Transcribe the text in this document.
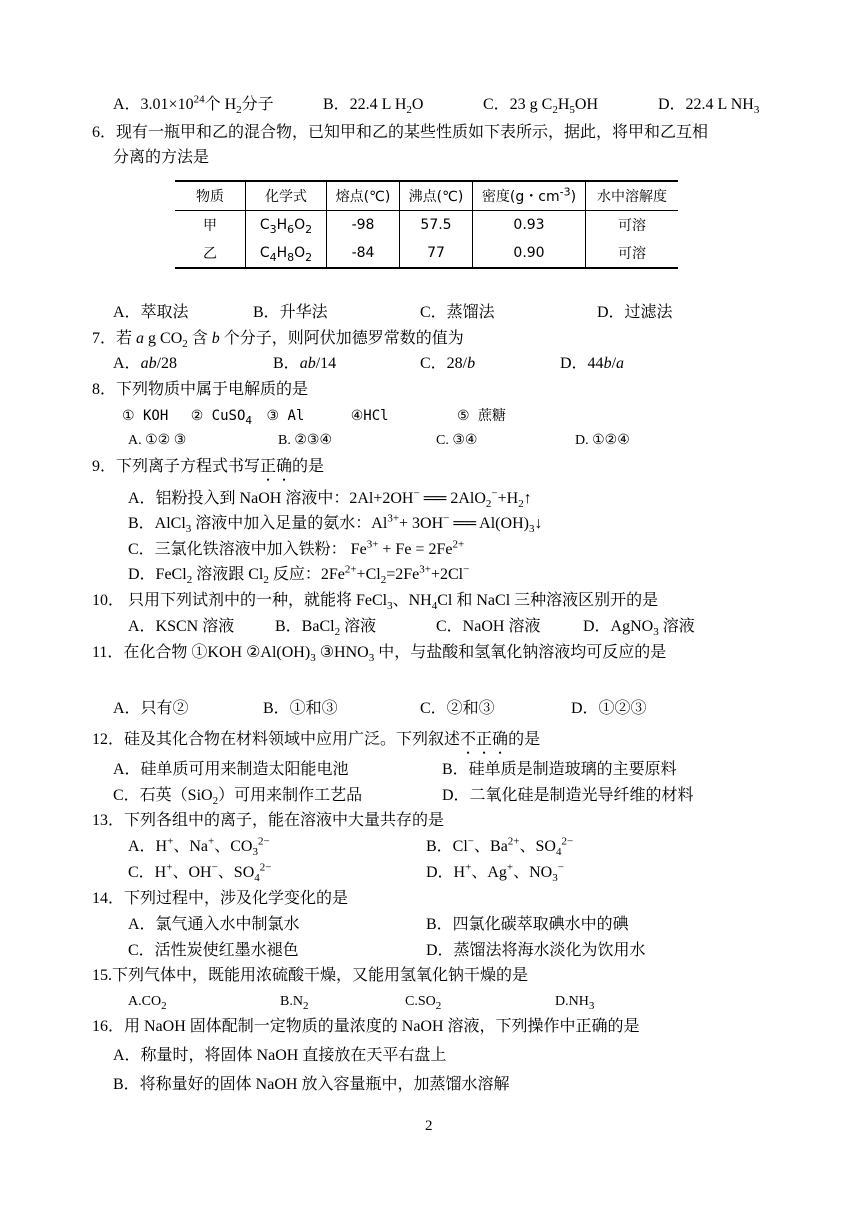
A．$3.01\times 10^{24}$个 $H_2$分子	B．22.4 L $H_2O$	C．23 g $C_2H_5OH$	D．22.4 L $NH_3$
6．现有一瓶甲和乙的混合物，已知甲和乙的某些性质如下表所示，据此，将甲和乙互相
分离的方法是
物质	化学式	熔点(℃)	沸点(℃)	密度(g・$cm^{-3}$)	水中溶解度
甲	$C_3H_6O_2$	-98	57.5	0.93	可溶
乙	$C_4H_8O_2$	-84	77	0.90	可溶
A．萃取法	B．升华法	C．蒸馏法	D．过滤法
7．若 a g $CO_2$ 含 b 个分子，则阿伏加德罗常数的值为
A．ab/28	B．ab/14	C．28/b	D．44b/a
8．下列物质中属于电解质的是
① KOH ② CuSO$_4$ ③ Al	④HCl	⑤ 蔗糖
A. ①② ③	B. ②③④	C. ③④	D. ①②④
9．下列离子方程式书写正确的是
A．铝粉投入到 NaOH 溶液中：2Al+2OH− ══ $2AlO_2^-+H_2↑$
B．AlCl$_3$ 溶液中加入足量的氨水：$Al^{3+}+ 3OH^-$ ══ $Al(OH)_3↓$
C．三氯化铁溶液中加入铁粉： $Fe^{3+} + Fe = 2Fe^{2+}$
D．FeCl$_2$ 溶液跟 $Cl_2$ 反应：$2Fe^{2+}+Cl_2=2Fe^{3+}+2Cl^-$
10． 只用下列试剂中的一种，就能将 FeCl$_3$、$NH_4Cl$ 和 NaCl 三种溶液区别开的是
A．KSCN 溶液	B．BaCl$_2$ 溶液	C．NaOH 溶液	D．AgNO$_3$ 溶液
11．在化合物 ①KOH $②Al(OH)_3$ $③HNO_3$ 中，与盐酸和氢氧化钠溶液均可反应的是
A．只有②	B．①和③	C．②和③	D．①②③
12．硅及其化合物在材料领域中应用广泛。下列叙述不正确的是
A．硅单质可用来制造太阳能电池	B．硅单质是制造玻璃的主要原料
C．石英（SiO$_2$）可用来制作工艺品	D．二氧化硅是制造光导纤维的材料
13．下列各组中的离子，能在溶液中大量共存的是
A．H+、Na+、$CO_3^{2-}$	B．Cl−、$Ba^{2+}$、$SO_4^{2-}$
C．H+、OH−、$SO_4^{2-}$	D．H+、Ag+、$NO_3^-$
14．下列过程中，涉及化学变化的是
A．氯气通入水中制氯水	B．四氯化碳萃取碘水中的碘
C．活性炭使红墨水褪色	D．蒸馏法将海水淡化为饮用水
15.下列气体中，既能用浓硫酸干燥，又能用氢氧化钠干燥的是
$A.CO_2$	$B.N_2$	$C.SO_2$	$D.NH_3$
16．用 NaOH 固体配制一定物质的量浓度的 NaOH 溶液，下列操作中正确的是
A．称量时，将固体 NaOH 直接放在天平右盘上
B．将称量好的固体 NaOH 放入容量瓶中，加蒸馏水溶解
2
